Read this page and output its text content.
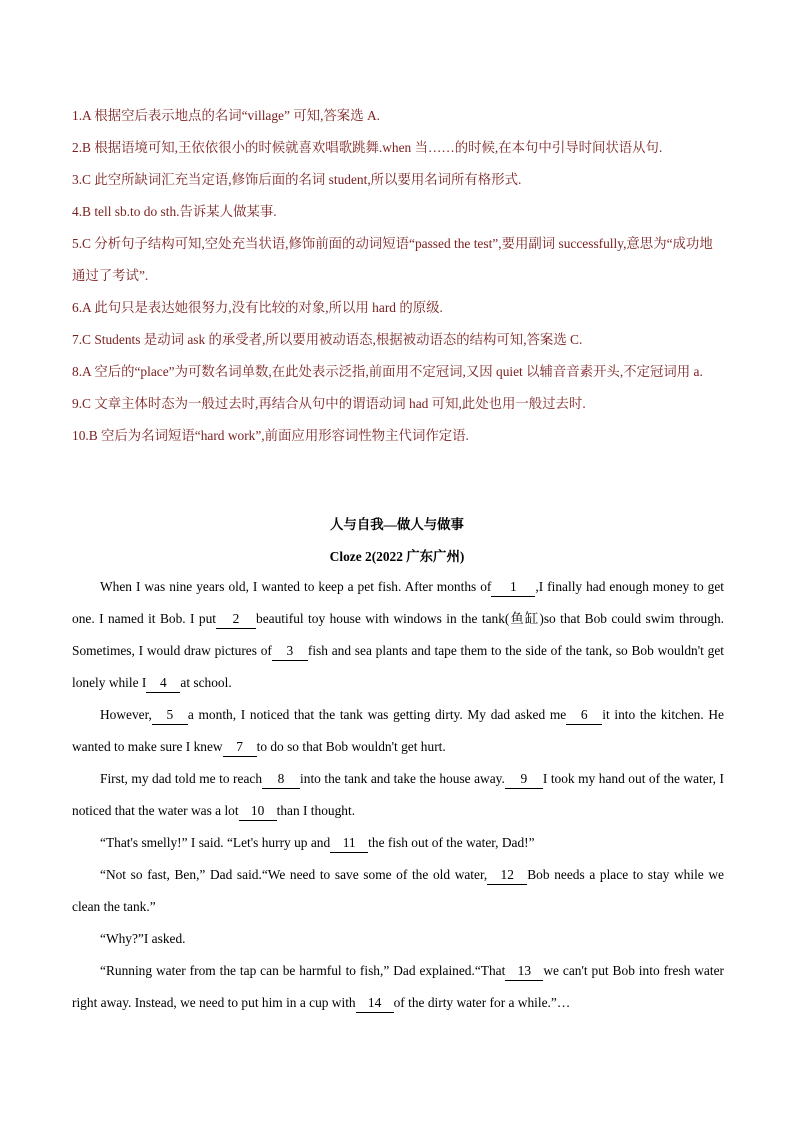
1.A 根据空后表示地点的名词“village” 可知,答案选 A.
2.B 根据语境可知,王依依很小的时候就喜欢唱歌跳舞.when 当……的时候,在本句中引导时间状语从句.
3.C 此空所缺词汇充当定语,修饰后面的名词 student,所以要用名词所有格形式.
4.B tell sb.to do sth.告诉某人做某事.
5.C 分析句子结构可知,空处充当状语,修饰前面的动词短语“passed the test”,要用副词 successfully,意思为“成功地通过了考试”.
6.A 此句只是表达她很努力,没有比较的对象,所以用 hard 的原级.
7.C Students 是动词 ask 的承受者,所以要用被动语态,根据被动语态的结构可知,答案选 C.
8.A 空后的“place”为可数名词单数,在此处表示泛指,前面用不定冠词,又因 quiet 以辅音音素开头,不定冠词用 a.
9.C 文章主体时态为一般过去时,再结合从句中的谓语动词 had 可知,此处也用一般过去时.
10.B 空后为名词短语“hard work”,前面应用形容词性物主代词作定语.
人与自我—做人与做事
Cloze 2(2022 广东广州)

When I was nine years old, I wanted to keep a pet fish. After months of 1 ,I finally had enough money to get one. I named it Bob. I put 2 beautiful toy house with windows in the tank(鱼缸)so that Bob could swim through. Sometimes, I would draw pictures of 3 fish and sea plants and tape them to the side of the tank, so Bob wouldn't get lonely while I 4 at school.

However, 5 a month, I noticed that the tank was getting dirty. My dad asked me 6 it into the kitchen. He wanted to make sure I knew 7 to do so that Bob wouldn't get hurt.

First, my dad told me to reach 8 into the tank and take the house away. 9 I took my hand out of the water, I noticed that the water was a lot 10 than I thought.

“That's smelly!” I said. “Let's hurry up and 11 the fish out of the water, Dad!”

“Not so fast, Ben,” Dad said.“We need to save some of the old water, 12 Bob needs a place to stay while we clean the tank.”

“Why?”I asked.

“Running water from the tap can be harmful to fish,” Dad explained.“That 13 we can't put Bob into fresh water right away. Instead, we need to put him in a cup with 14 of the dirty water for a while.”…
